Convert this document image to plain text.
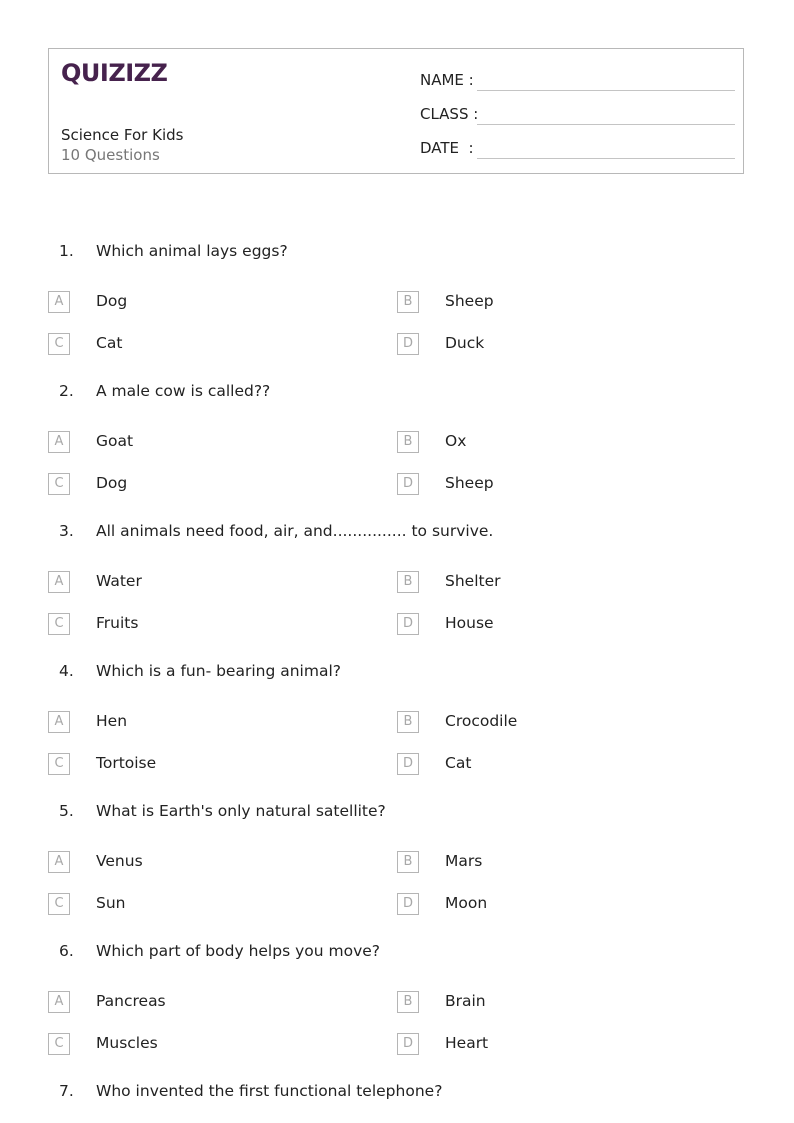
QUIZIZZ
Science For Kids
10 Questions
NAME :
CLASS :
DATE  :
1. Which animal lays eggs?
A	Dog	B	Sheep
C	Cat	D	Duck
2. A male cow is called??
A	Goat	B	Ox
C	Dog	D	Sheep
3. All animals need food, air, and............... to survive.
A	Water	B	Shelter
C	Fruits	D	House
4. Which is a fun- bearing animal?
A	Hen	B	Crocodile
C	Tortoise	D	Cat
5. What is Earth's only natural satellite?
A	Venus	B	Mars
C	Sun	D	Moon
6. Which part of body helps you move?
A	Pancreas	B	Brain
C	Muscles	D	Heart
7. Who invented the first functional telephone?
